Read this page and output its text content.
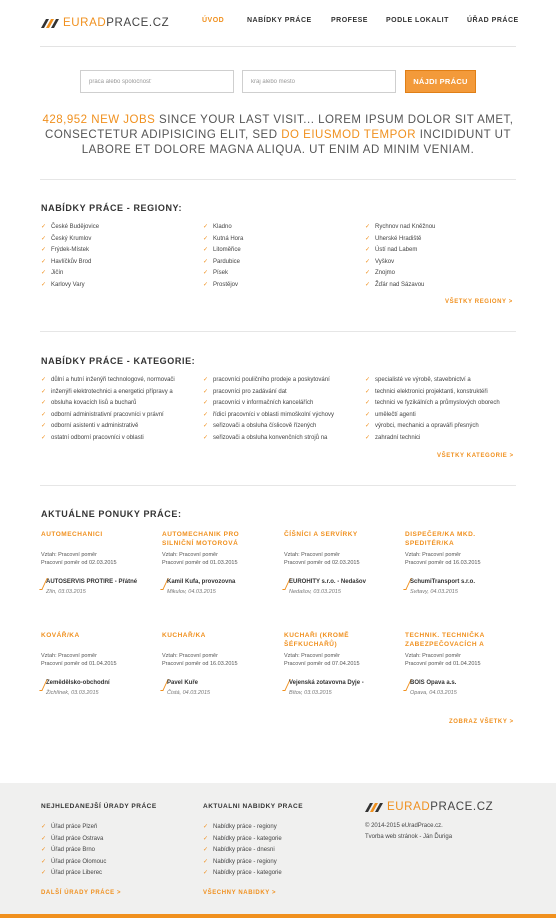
EURADPRACE.CZ	ÚVOD	NABÍDKY PRÁCE	PROFESE	PODLE LOKALIT	ÚŘAD PRÁCE
práca alebo spoločnosť
kraj alebo mesto
NÁJDI PRÁCU

428,952 NEW JOBS SINCE YOUR LAST VISIT... LOREM IPSUM DOLOR SIT AMET, CONSECTETUR ADIPISICING ELIT, SED DO EIUSMOD TEMPOR INCIDIDUNT UT LABORE ET DOLORE MAGNA ALIQUA. UT ENIM AD MINIM VENIAM.

NABÍDKY PRÁCE - REGIONY:
✓ České Budějovice
✓ Český Krumlov
✓ Frýdek-Místek
✓ Havlíčkův Brod
✓ Jičín
✓ Karlovy Vary
✓ Kladno
✓ Kutná Hora
✓ Litoměřice
✓ Pardubice
✓ Písek
✓ Prostějov
✓ Rychnov nad Kněžnou
✓ Uherské Hradiště
✓ Ústí nad Labem
✓ Vyškov
✓ Znojmo
✓ Žďár nad Sázavou
VŠETKY REGIONY >
NABÍDKY PRÁCE - KATEGORIE:
✓ důlní a hutní inženýři technologové, normovači
✓ inženýři elektrotechnici a energetici přípravy a
✓ obsluha kovacích lisů a bucharů
✓ odborní administrativní pracovníci v právní
✓ odborní asistenti v administrativě
✓ ostatní odborní pracovníci v oblasti
✓ pracovníci pouličního prodeje a poskytování
✓ pracovníci pro zadávání dat
✓ pracovníci v informačních kancelářích
✓ řídicí pracovníci v oblasti mimoškolní výchovy
✓ seřizovači a obsluha číslicově řízených
✓ seřizovači a obsluha konvenčních strojů na
✓ specialisté ve výrobě, stavebnictví a
✓ technici elektronici projektanti, konstruktéři
✓ technici ve fyzikálních a průmyslových oborech
✓ umělečtí agenti
✓ výrobci, mechanici a opraváři přesných
✓ zahradní technici
VŠETKY KATEGORIE >
AKTUÁLNE PONUKY PRÁCE:
AUTOMECHANICI
Vztah: Pracovní poměr
Pracovní poměr od 02.03.2015
AUTOSERVIS PROTIRE - Přátné
Zlín, 03.03.2015
AUTOMECHANIK PRO SILNIČNÍ MOTOROVÁ
Vztah: Pracovní poměr
Pracovní poměr od 01.03.2015
Kamil Kufa, provozovna
Mikulov, 04.03.2015
ČÍŠNÍCI A SERVÍRKY
Vztah: Pracovní poměr
Pracovní poměr od 02.03.2015
EUROHITY s.r.o. - Nedašov
Nedašov, 03.03.2015
DISPEČER/KA MKD. SPEDITÉR/KA
Vztah: Pracovní poměr
Pracovní poměr od 16.03.2015
SchumiTransport s.r.o.
Svitavy, 04.03.2015
KOVÁŘ/KA
Vztah: Pracovní poměr
Pracovní poměr od 01.04.2015
Zemědělsko-obchodní
Žichlínek, 03.03.2015
KUCHAŘ/KA
Vztah: Pracovní poměr
Pracovní poměr od 16.03.2015
Pavel Kuře
Čistá, 04.03.2015
KUCHAŘI (KROMĚ ŠÉFKUCHAŘŮ)
Vztah: Pracovní poměr
Pracovní poměr od 07.04.2015
Vejenská zotavovna Dyje -
Bítov, 03.03.2015
TECHNIK. TECHNIČKA ZABEZPEČOVACÍCH A
Vztah: Pracovní poměr
Pracovní poměr od 01.04.2015
BOIS Opava a.s.
Opava, 04.03.2015
ZOBRAZ VŠETKY >
NEJHLEDANEJŠÍ ÚRADY PRÁCE
✓ Úřad práce Plzeň
✓ Úřad práce Ostrava
✓ Úřad práce Brno
✓ Úřad práce Olomouc
✓ Úřad práce Liberec
DALŠÍ ÚRADY PRÁCE >
AKTUALNI NABIDKY PRACE
✓ Nabídky práce - regiony
✓ Nabídky práce - kategorie
✓ Nabídky práce - dnesni
✓ Nabídky práce - regiony
✓ Nabídky práce - kategorie
VŠECHNY NABIDKY >
EURADPRACE.CZ
© 2014-2015 eUradPrace.cz.
Tvorba web stránok - Ján Ďuriga
